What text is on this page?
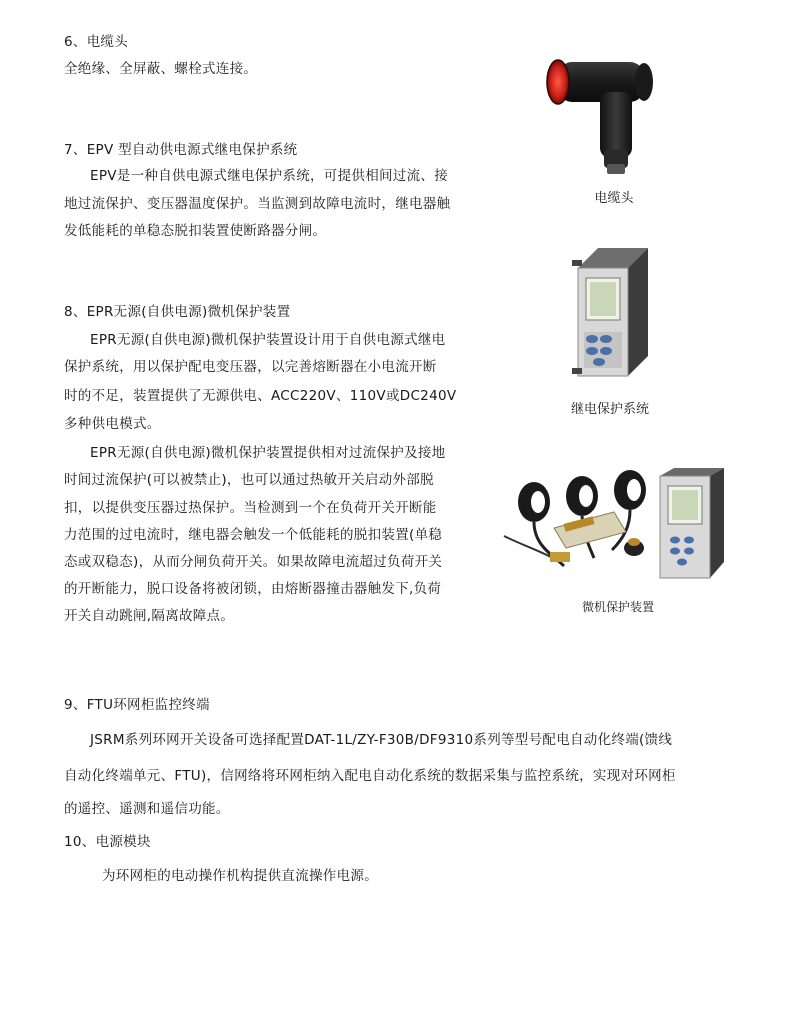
6、电缆头

全绝缘、全屏蔽、螺栓式连接。

7、EPV 型自动供电源式继电保护系统

EPV是一种自供电源式继电保护系统，可提供相间过流、接

地过流保护、变压器温度保护。当监测到故障电流时，继电器触

发低能耗的单稳态脱扣装置使断路器分闸。

8、EPR无源(自供电源)微机保护装置

EPR无源(自供电源)微机保护装置设计用于自供电源式继电

保护系统，用以保护配电变压器，以完善熔断器在小电流开断

时的不足，装置提供了无源供电、ACC220V、110V或DC240V

多种供电模式。

EPR无源(自供电源)微机保护装置提供相对过流保护及接地

时间过流保护(可以被禁止)，也可以通过热敏开关启动外部脱

扣，以提供变压器过热保护。当检测到一个在负荷开关开断能

力范围的过电流时，继电器会触发一个低能耗的脱扣装置(单稳

态或双稳态)，从而分闸负荷开关。如果故障电流超过负荷开关

的开断能力，脱口设备将被闭锁，由熔断器撞击器触发下,负荷

开关自动跳闸,隔离故障点。

9、FTU环网柜监控终端

JSRM系列环网开关设备可选择配置DAT-1L/ZY-F30B/DF9310系列等型号配电自动化终端(馈线

自动化终端单元、FTU)，信网络将环网柜纳入配电自动化系统的数据采集与监控系统，实现对环网柜

的遥控、遥测和遥信功能。

10、电源模块

为环网柜的电动操作机构提供直流操作电源。

电缆头
继电保护系统
微机保护装置
